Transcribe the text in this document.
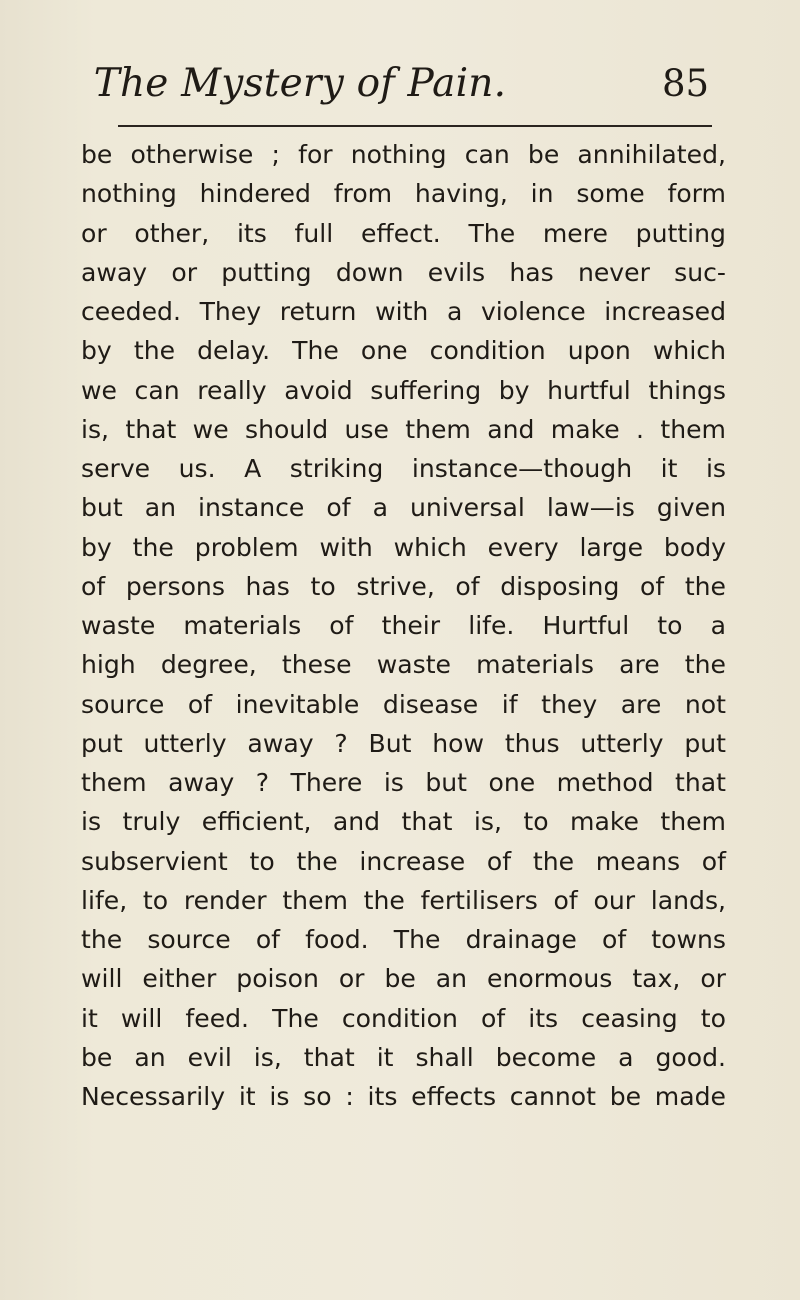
The Mystery of Pain.	85
be otherwise ; for nothing can be annihilated,
nothing hindered from having, in some form
or other, its full effect. The mere putting
away or putting down evils has never suc-
ceeded. They return with a violence increased
by the delay. The one condition upon which
we can really avoid suffering by hurtful things
is, that we should use them and make . them
serve us. A striking instance—though it is
but an instance of a universal law—is given
by the problem with which every large body
of persons has to strive, of disposing of the
waste materials of their life. Hurtful to a
high degree, these waste materials are the
source of inevitable disease if they are not
put utterly away ? But how thus utterly put
them away ? There is but one method that
is truly efficient, and that is, to make them
subservient to the increase of the means of
life, to render them the fertilisers of our lands,
the source of food. The drainage of towns
will either poison or be an enormous tax, or
it will feed. The condition of its ceasing to
be an evil is, that it shall become a good.
Necessarily it is so : its effects cannot be made
